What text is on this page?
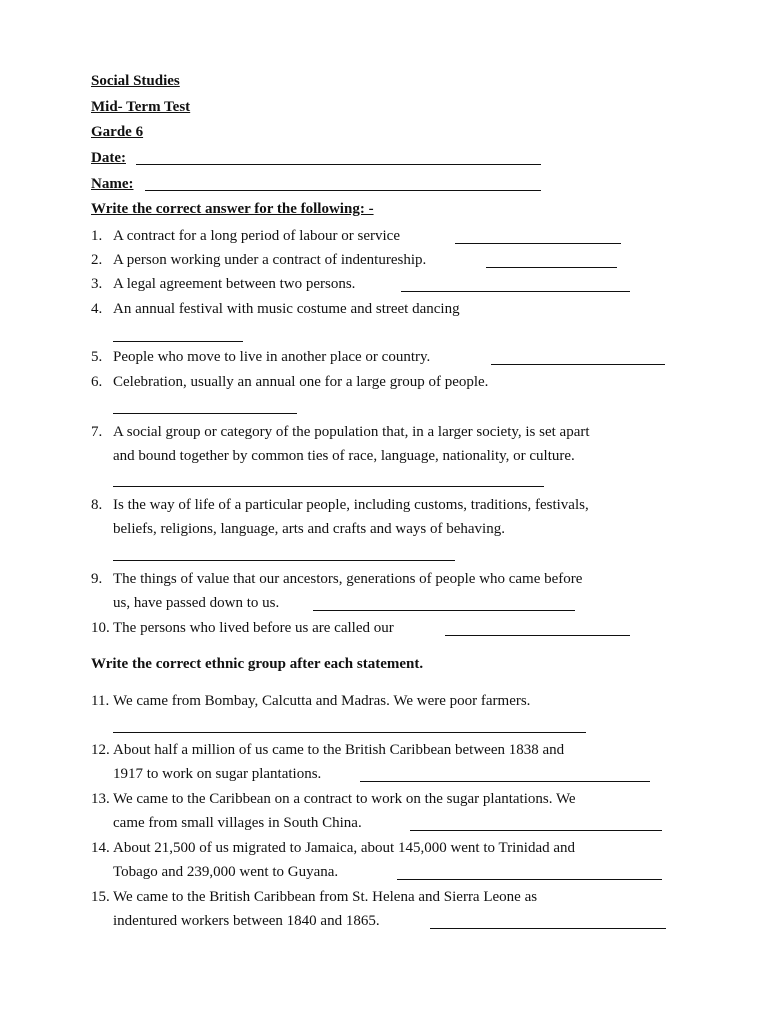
Social Studies
Mid- Term Test
Garde 6
Date:
Name:
Write the correct answer for the following: -
1. A contract for a long period of labour or service
2. A person working under a contract of indentureship.
3. A legal agreement between two persons.
4. An annual festival with music costume and street dancing
5. People who move to live in another place or country.
6. Celebration, usually an annual one for a large group of people.
7. A social group or category of the population that, in a larger society, is set apart
and bound together by common ties of race, language, nationality, or culture.
8. Is the way of life of a particular people, including customs, traditions, festivals,
beliefs, religions, language, arts and crafts and ways of behaving.
9. The things of value that our ancestors, generations of people who came before
us, have passed down to us.
10. The persons who lived before us are called our
Write the correct ethnic group after each statement.
11. We came from Bombay, Calcutta and Madras. We were poor farmers.
12. About half a million of us came to the British Caribbean between 1838 and
1917 to work on sugar plantations.
13. We came to the Caribbean on a contract to work on the sugar plantations. We
came from small villages in South China.
14. About 21,500 of us migrated to Jamaica, about 145,000 went to Trinidad and
Tobago and 239,000 went to Guyana.
15. We came to the British Caribbean from St. Helena and Sierra Leone as
indentured workers between 1840 and 1865.
